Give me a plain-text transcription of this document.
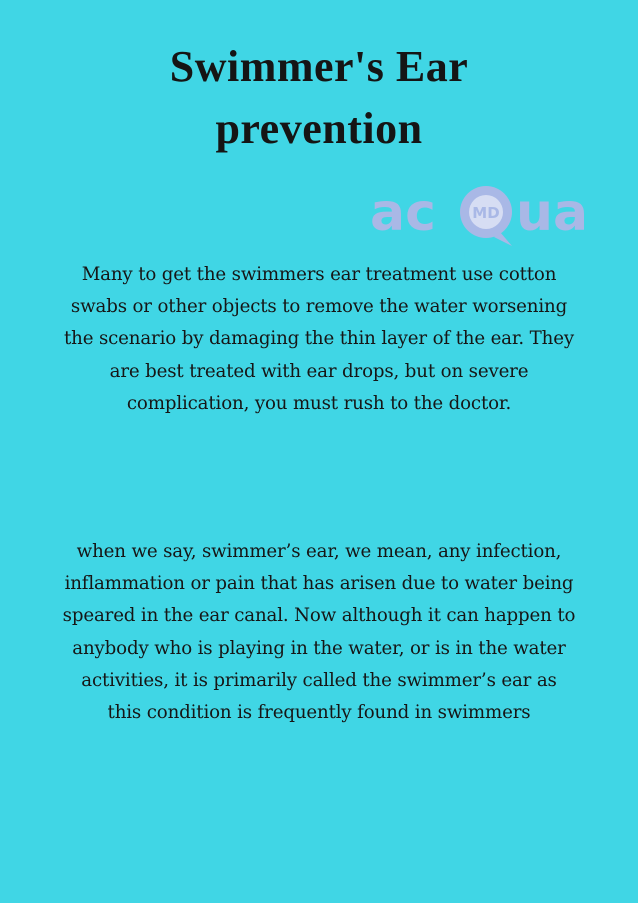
Swimmer's Ear
prevention
ac MD ua

Many to get the swimmers ear treatment use cotton swabs or other objects to remove the water worsening the scenario by damaging the thin layer of the ear. They are best treated with ear drops, but on severe complication, you must rush to the doctor.

when we say, swimmer’s ear, we mean, any infection, inflammation or pain that has arisen due to water being speared in the ear canal. Now although it can happen to anybody who is playing in the water, or is in the water activities, it is primarily called the swimmer’s ear as this condition is frequently found in swimmers
